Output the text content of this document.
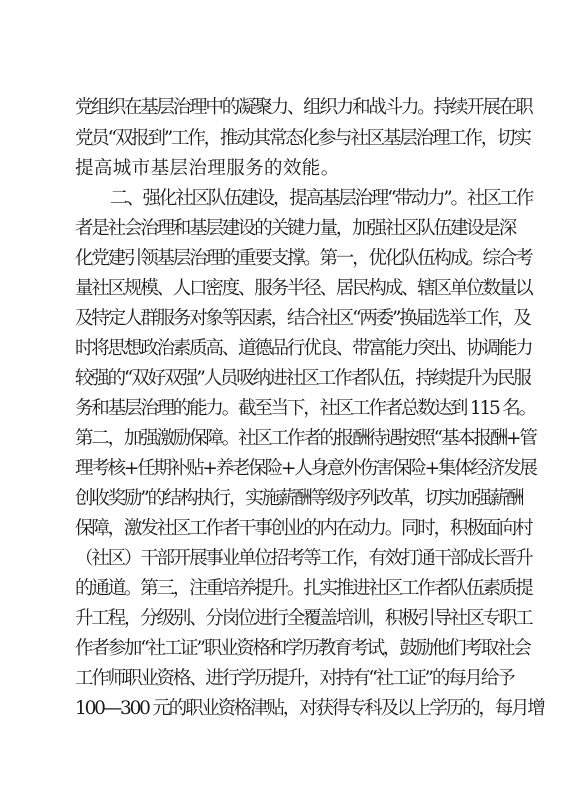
党组织在基层治理中的凝聚力、组织力和战斗力。持续开展在职
党员“双报到”工作，推动其常态化参与社区基层治理工作，切实
提高城市基层治理服务的效能。
二、强化社区队伍建设，提高基层治理“带动力”。社区工作
者是社会治理和基层建设的关键力量，加强社区队伍建设是深
化党建引领基层治理的重要支撑。第一，优化队伍构成。综合考
量社区规模、人口密度、服务半径、居民构成、辖区单位数量以
及特定人群服务对象等因素，结合社区“两委”换届选举工作，及
时将思想政治素质高、道德品行优良、带富能力突出、协调能力
较强的“双好双强”人员吸纳进社区工作者队伍，持续提升为民服
务和基层治理的能力。截至当下，社区工作者总数达到 115 名。
第二，加强激励保障。社区工作者的报酬待遇按照“基本报酬+管
理考核+任期补贴+养老保险+人身意外伤害保险+集体经济发展
创收奖励”的结构执行，实施薪酬等级序列改革，切实加强薪酬
保障，激发社区工作者干事创业的内在动力。同时，积极面向村
（社区）干部开展事业单位招考等工作，有效打通干部成长晋升
的通道。第三，注重培养提升。扎实推进社区工作者队伍素质提
升工程，分级别、分岗位进行全覆盖培训，积极引导社区专职工
作者参加“社工证”职业资格和学历教育考试，鼓励他们考取社会
工作师职业资格、进行学历提升，对持有“社工证”的每月给予
100—300 元的职业资格津贴，对获得专科及以上学历的，每月增
